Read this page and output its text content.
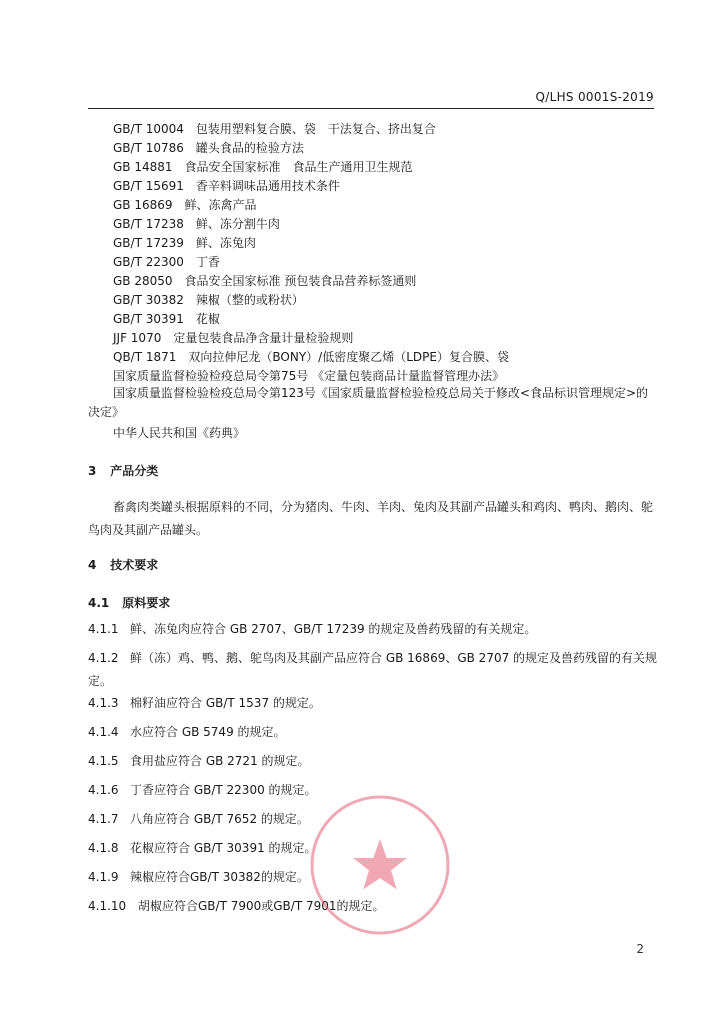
Q/LHS 0001S-2019
GB/T 10004　包装用塑料复合膜、袋　干法复合、挤出复合
GB/T 10786　罐头食品的检验方法
GB 14881　食品安全国家标准　食品生产通用卫生规范
GB/T 15691　香辛料调味品通用技术条件
GB 16869　鲜、冻禽产品
GB/T 17238　鲜、冻分割牛肉
GB/T 17239　鲜、冻兔肉
GB/T 22300　丁香
GB 28050　食品安全国家标准 预包装食品营养标签通则
GB/T 30382　辣椒（整的或粉状）
GB/T 30391　花椒
JJF 1070　定量包装食品净含量计量检验规则
QB/T 1871　双向拉伸尼龙（BONY）/低密度聚乙烯（LDPE）复合膜、袋
国家质量监督检验检疫总局令第75号 《定量包装商品计量监督管理办法》
国家质量监督检验检疫总局令第123号《国家质量监督检验检疫总局关于修改<食品标识管理规定>的决定》
中华人民共和国《药典》
3 产品分类
畜禽肉类罐头根据原料的不同，分为猪肉、牛肉、羊肉、兔肉及其副产品罐头和鸡肉、鸭肉、鹅肉、鸵鸟肉及其副产品罐头。
4 技术要求
4.1 原料要求
4.1.1 鲜、冻兔肉应符合 GB 2707、GB/T 17239 的规定及兽药残留的有关规定。
4.1.2 鲜（冻）鸡、鸭、鹅、鸵鸟肉及其副产品应符合 GB 16869、GB 2707 的规定及兽药残留的有关规定。
4.1.3 棉籽油应符合 GB/T 1537 的规定。
4.1.4 水应符合 GB 5749 的规定。
4.1.5 食用盐应符合 GB 2721 的规定。
4.1.6 丁香应符合 GB/T 22300 的规定。
4.1.7 八角应符合 GB/T 7652 的规定。
4.1.8 花椒应符合 GB/T 30391 的规定。
4.1.9 辣椒应符合GB/T 30382的规定。
4.1.10 胡椒应符合GB/T 7900或GB/T 7901的规定。
2
